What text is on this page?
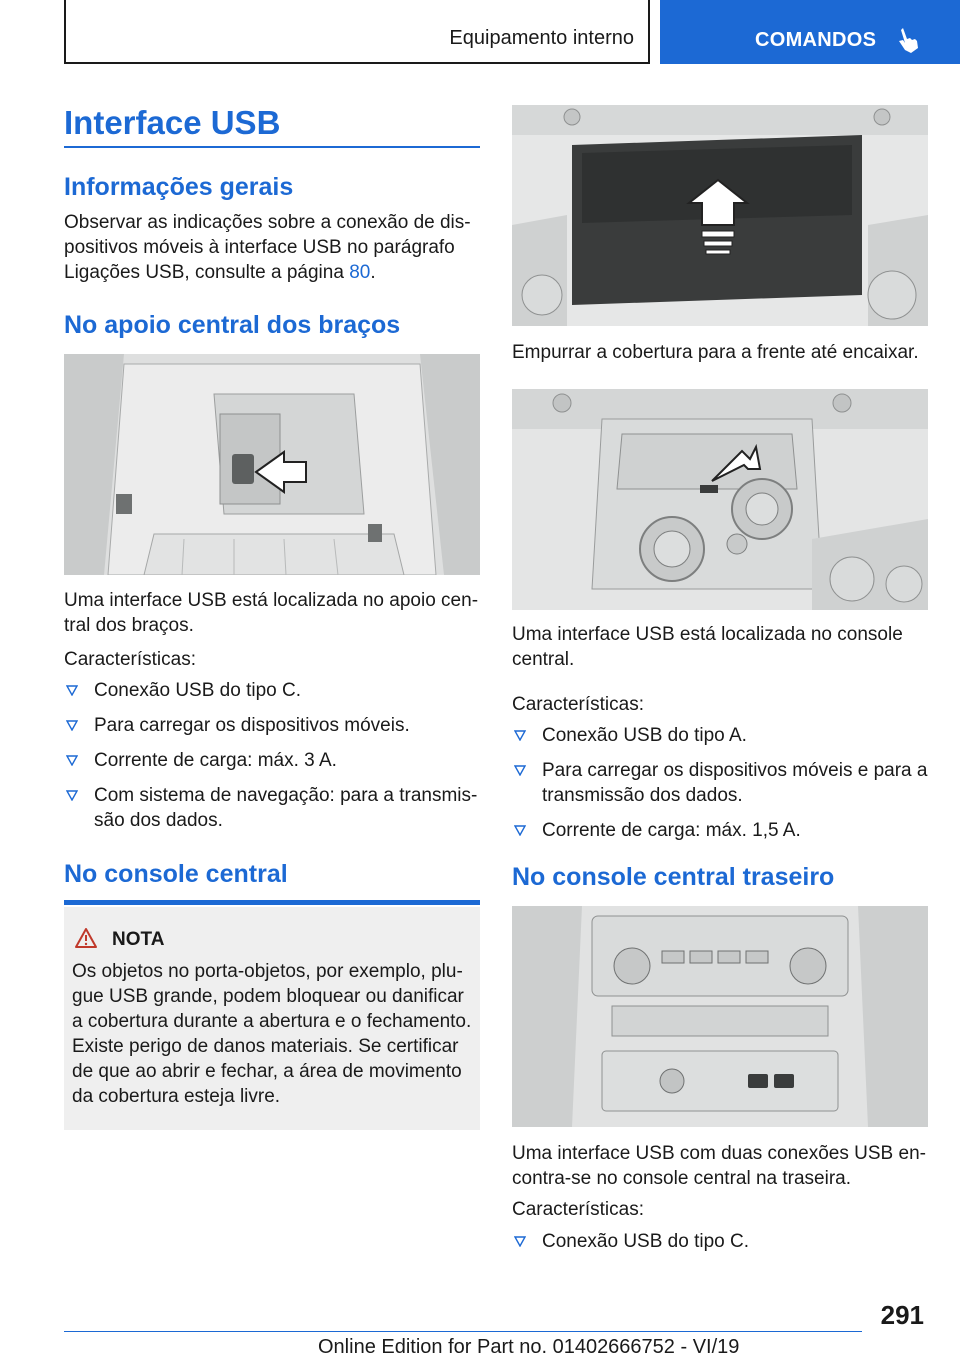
Equipamento interno	COMANDOS
Interface USB
Informações gerais

Observar as indicações sobre a conexão de dispositivos móveis à interface USB no parágrafo Ligações USB, consulte a página 80.

No apoio central dos braços

Uma interface USB está localizada no apoio central dos braços.

Características:

Conexão USB do tipo C.
Para carregar os dispositivos móveis.
Corrente de carga: máx. 3 A.
Com sistema de navegação: para a transmissão dos dados.
No console central
NOTA

Os objetos no porta-objetos, por exemplo, plugue USB grande, podem bloquear ou danificar a cobertura durante a abertura e o fechamento. Existe perigo de danos materiais. Se certificar de que ao abrir e fechar, a área de movimento da cobertura esteja livre.

Empurrar a cobertura para a frente até encaixar.

Uma interface USB está localizada no console central.

Características:

Conexão USB do tipo A.
Para carregar os dispositivos móveis e para a transmissão dos dados.
Corrente de carga: máx. 1,5 A.
No console central traseiro

Uma interface USB com duas conexões USB encontra-se no console central na traseira.

Características:

Conexão USB do tipo C.
291
Online Edition for Part no. 01402666752 - VI/19
